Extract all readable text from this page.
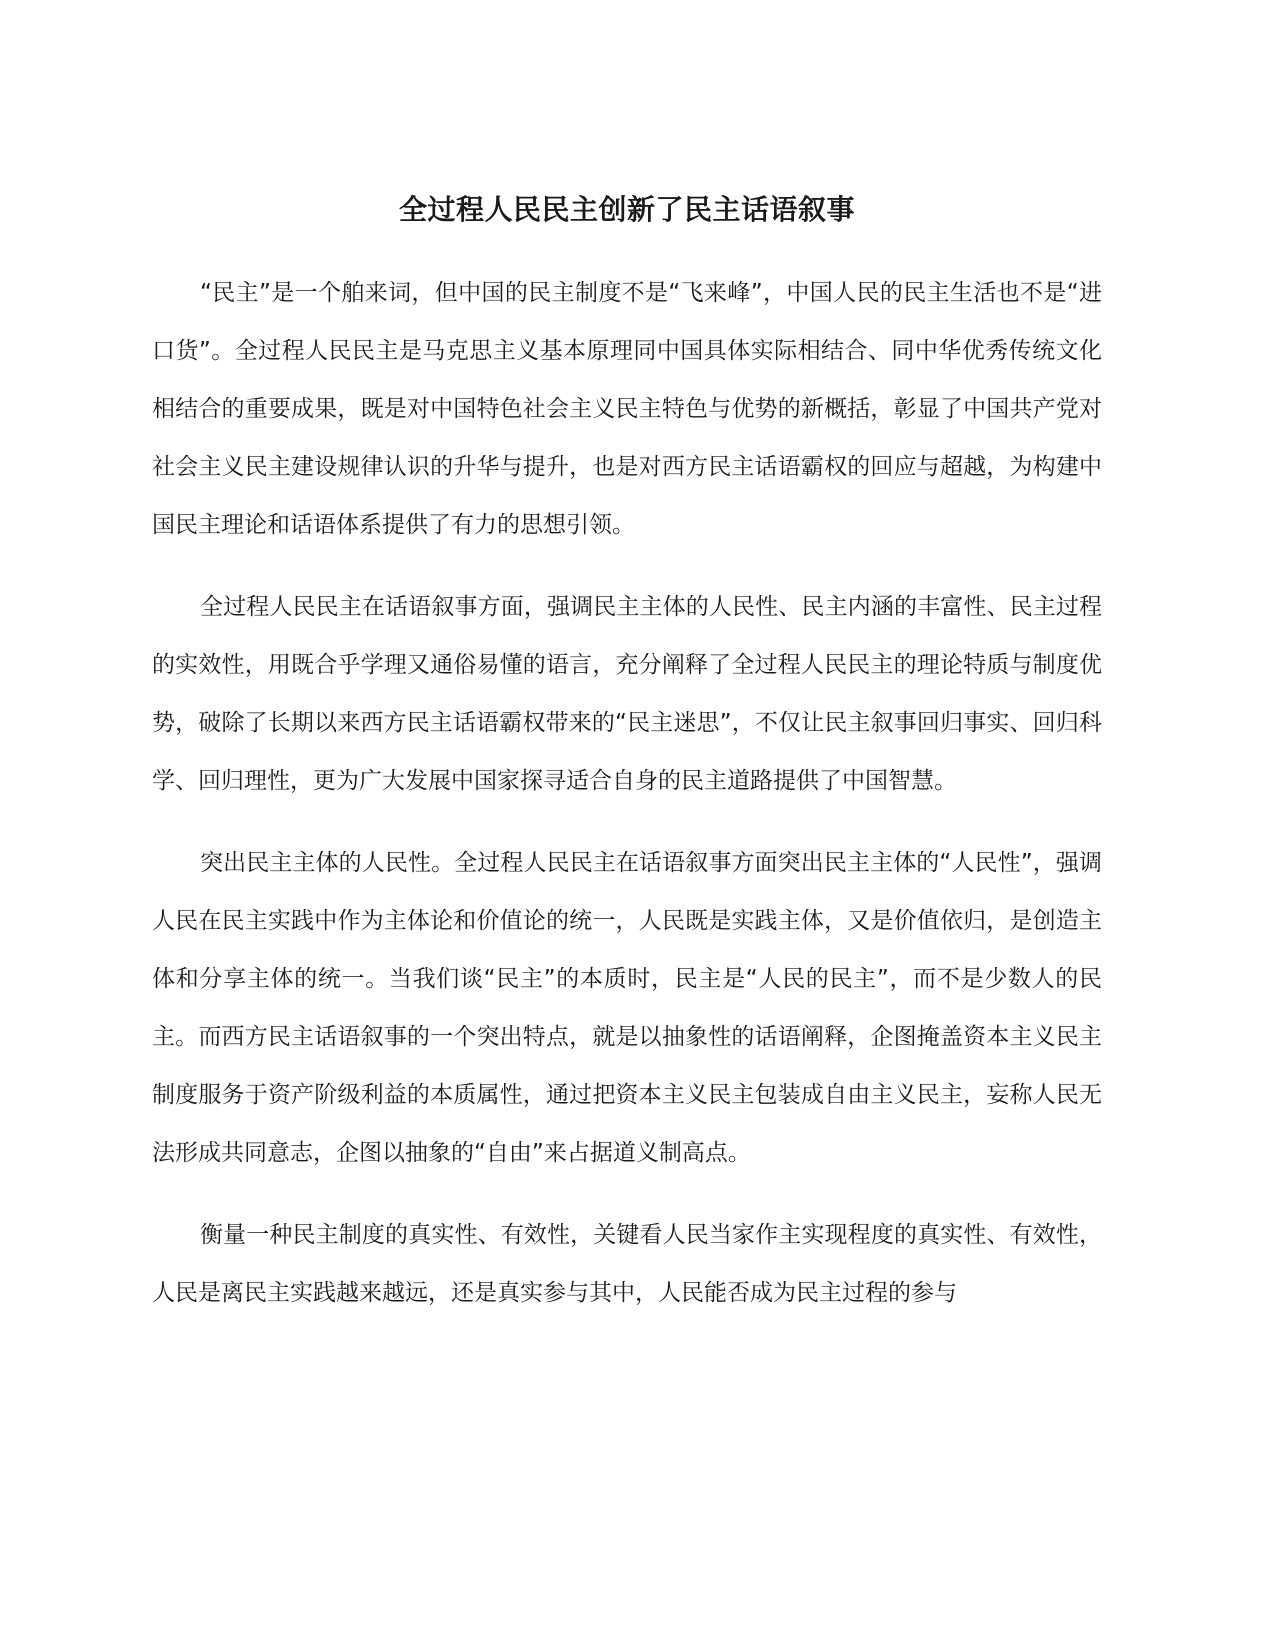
全过程人民民主创新了民主话语叙事

“民主”是一个舶来词，但中国的民主制度不是“飞来峰”，中国人民的民主生活也不是“进口货”。全过程人民民主是马克思主义基本原理同中国具体实际相结合、同中华优秀传统文化相结合的重要成果，既是对中国特色社会主义民主特色与优势的新概括，彰显了中国共产党对社会主义民主建设规律认识的升华与提升，也是对西方民主话语霸权的回应与超越，为构建中国民主理论和话语体系提供了有力的思想引领。

全过程人民民主在话语叙事方面，强调民主主体的人民性、民主内涵的丰富性、民主过程的实效性，用既合乎学理又通俗易懂的语言，充分阐释了全过程人民民主的理论特质与制度优势，破除了长期以来西方民主话语霸权带来的“民主迷思”，不仅让民主叙事回归事实、回归科学、回归理性，更为广大发展中国家探寻适合自身的民主道路提供了中国智慧。

突出民主主体的人民性。全过程人民民主在话语叙事方面突出民主主体的“人民性”，强调人民在民主实践中作为主体论和价值论的统一，人民既是实践主体，又是价值依归，是创造主体和分享主体的统一。当我们谈“民主”的本质时，民主是“人民的民主”，而不是少数人的民主。而西方民主话语叙事的一个突出特点，就是以抽象性的话语阐释，企图掩盖资本主义民主制度服务于资产阶级利益的本质属性，通过把资本主义民主包装成自由主义民主，妄称人民无法形成共同意志，企图以抽象的“自由”来占据道义制高点。

衡量一种民主制度的真实性、有效性，关键看人民当家作主实现程度的真实性、有效性，人民是离民主实践越来越远，还是真实参与其中，人民能否成为民主过程的参与
